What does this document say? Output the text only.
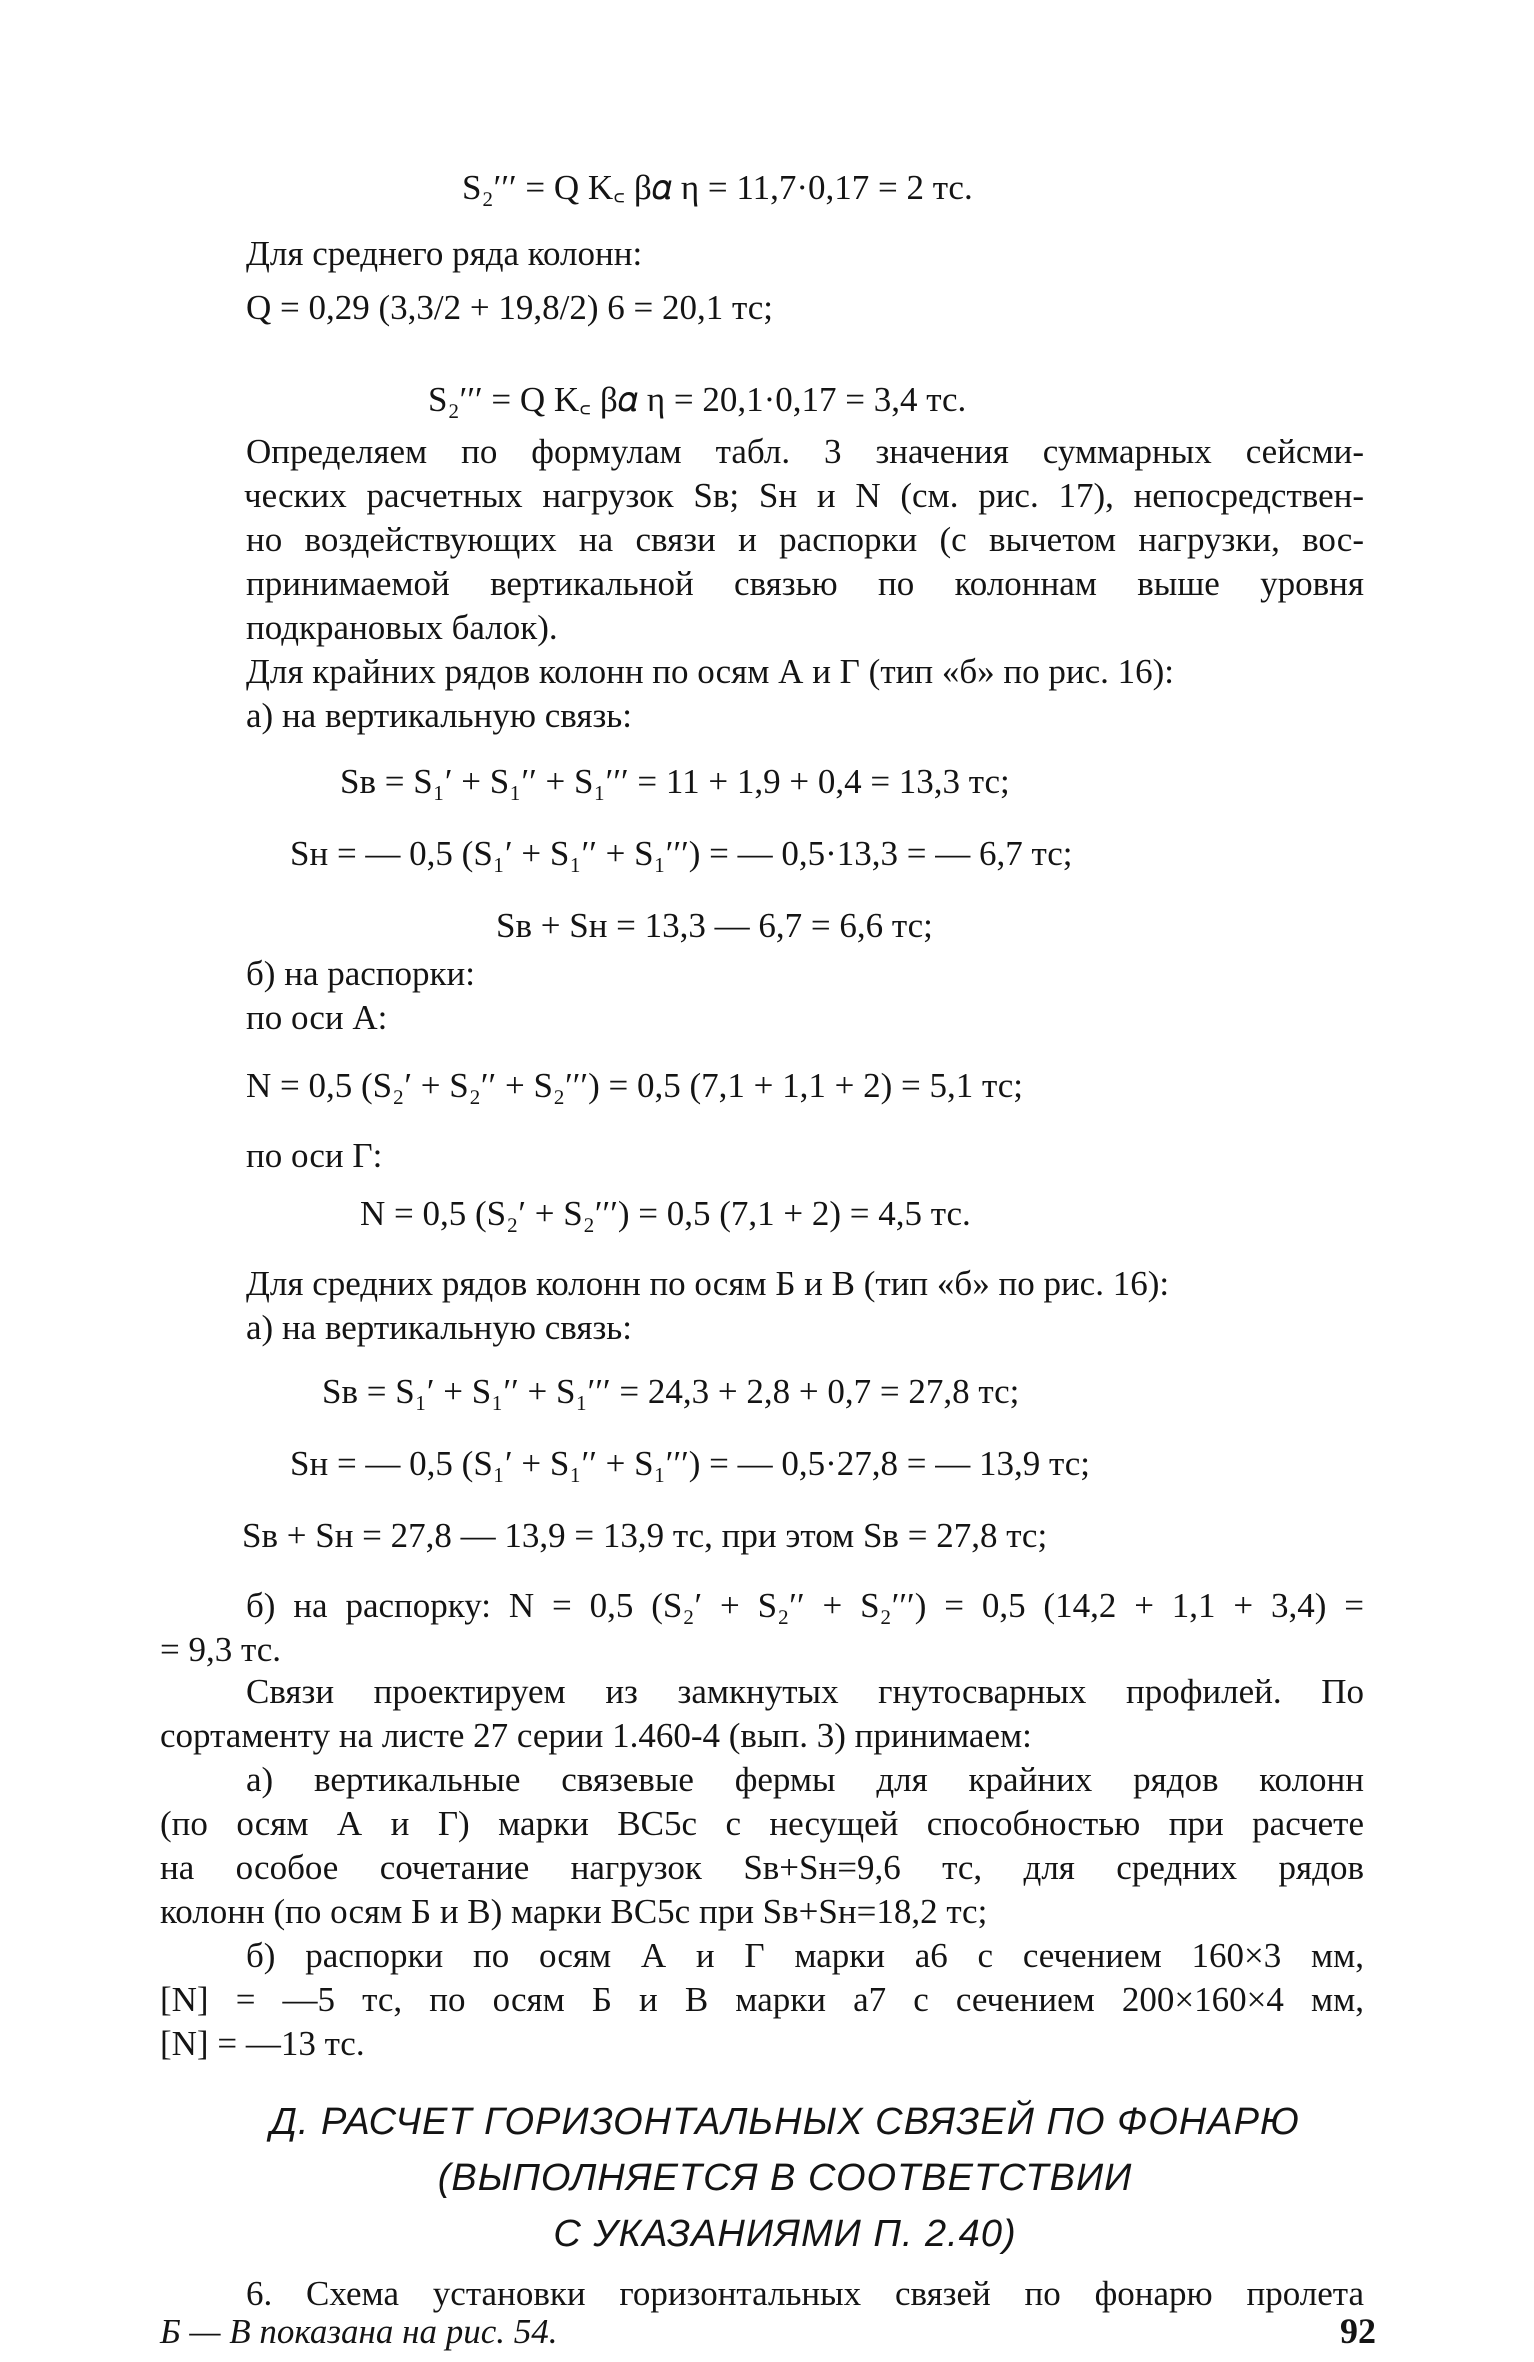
S₂′′′ = Q K꜀ β𝛼 η = 11,7·0,17 = 2 тс.
Для среднего ряда колонн:
Q = 0,29 (3,3/2 + 19,8/2) 6 = 20,1 тс;
S₂′′′ = Q K꜀ β𝛼 η = 20,1·0,17 = 3,4 тс.
Определяем по формулам табл. 3 значения суммарных сейсми-
ческих расчетных нагрузок Sв; Sн и N (см. рис. 17), непосредствен-
но воздействующих на связи и распорки (с вычетом нагрузки, вос-
принимаемой вертикальной связью по колоннам выше уровня
подкрановых балок).
Для крайних рядов колонн по осям А и Г (тип «б» по рис. 16):
а) на вертикальную связь:
Sв = S₁′ + S₁′′ + S₁′′′ = 11 + 1,9 + 0,4 = 13,3 тс;
Sн = — 0,5 (S₁′ + S₁′′ + S₁′′′) = — 0,5·13,3 = — 6,7 тс;
Sв + Sн = 13,3 — 6,7 = 6,6 тс;
б) на распорки:
по оси А:
N = 0,5 (S₂′ + S₂′′ + S₂′′′) = 0,5 (7,1 + 1,1 + 2) = 5,1 тс;
по оси Г:
N = 0,5 (S₂′ + S₂′′′) = 0,5 (7,1 + 2) = 4,5 тс.
Для средних рядов колонн по осям Б и В (тип «б» по рис. 16):
а) на вертикальную связь:
Sв = S₁′ + S₁′′ + S₁′′′ = 24,3 + 2,8 + 0,7 = 27,8 тс;
Sн = — 0,5 (S₁′ + S₁′′ + S₁′′′) = — 0,5·27,8 = — 13,9 тс;
Sв + Sн = 27,8 — 13,9 = 13,9 тс, при этом Sв = 27,8 тс;
б) на распорку: N = 0,5 (S₂′ + S₂′′ + S₂′′′) = 0,5 (14,2 + 1,1 + 3,4) =
= 9,3 тс.
Связи проектируем из замкнутых гнутосварных профилей. По
сортаменту на листе 27 серии 1.460-4 (вып. 3) принимаем:
а) вертикальные связевые фермы для крайних рядов колонн
(по осям А и Г) марки ВС5с с несущей способностью при расчете
на особое сочетание нагрузок Sв+Sн=9,6 тс, для средних рядов
колонн (по осям Б и В) марки ВС5с при Sв+Sн=18,2 тс;
б) распорки по осям А и Г марки а6 с сечением 160×3 мм,
[N] = —5 тс, по осям Б и В марки а7 с сечением 200×160×4 мм,
[N] = —13 тс.
Д. РАСЧЕТ ГОРИЗОНТАЛЬНЫХ СВЯЗЕЙ ПО ФОНАРЮ
(ВЫПОЛНЯЕТСЯ В СООТВЕТСТВИИ
С УКАЗАНИЯМИ П. 2.40)
6. Схема установки горизонтальных связей по фонарю пролета
92
Б — В показана на рис. 54.
